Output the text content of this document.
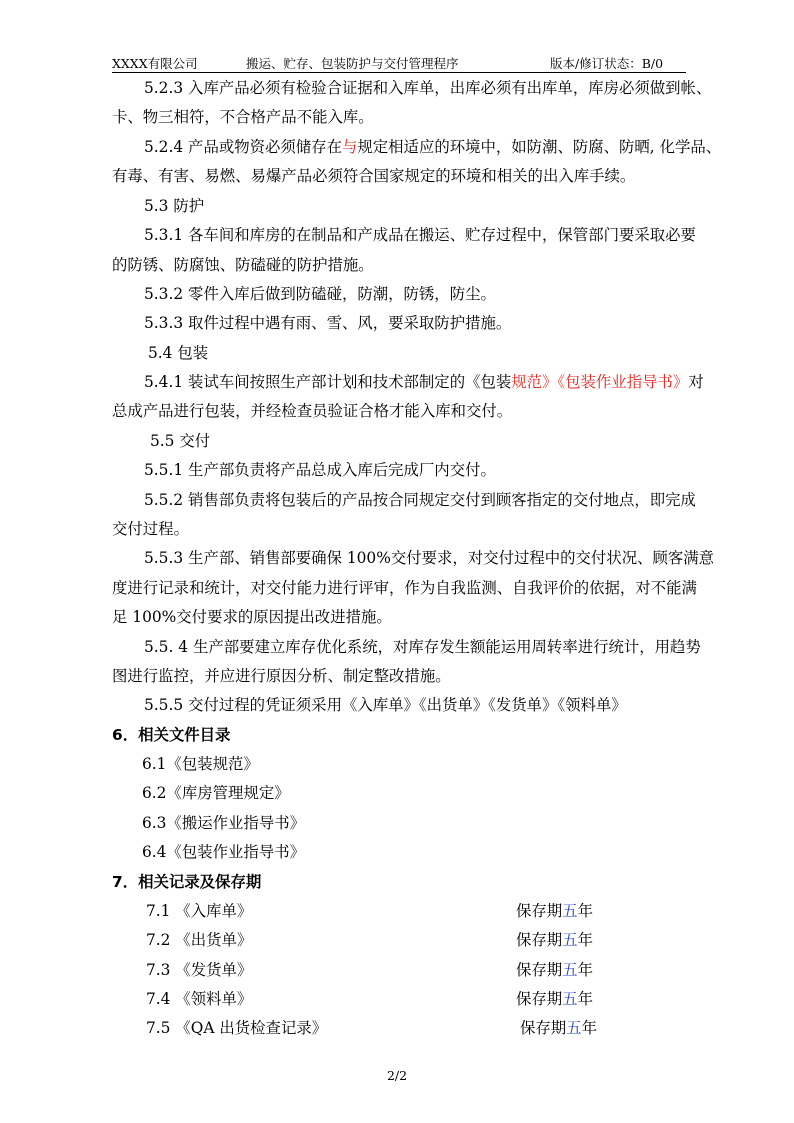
XXXX有限公司	搬运、贮存、包装防护与交付管理程序	版本/修订状态：B/0
5.2.3 入库产品必须有检验合证据和入库单，出库必须有出库单，库房必须做到帐、
卡、物三相符，不合格产品不能入库。
5.2.4 产品或物资必须储存在与规定相适应的环境中，如防潮、防腐、防晒, 化学品、
有毒、有害、易燃、易爆产品必须符合国家规定的环境和相关的出入库手续。
5.3 防护
5.3.1 各车间和库房的在制品和产成品在搬运、贮存过程中，保管部门要采取必要
的防锈、防腐蚀、防磕碰的防护措施。
5.3.2 零件入库后做到防磕碰，防潮，防锈，防尘。
5.3.3 取件过程中遇有雨、雪、风，要采取防护措施。
5.4 包装
5.4.1 装试车间按照生产部计划和技术部制定的《包装规范》《包装作业指导书》对
总成产品进行包装，并经检查员验证合格才能入库和交付。
5.5 交付
5.5.1 生产部负责将产品总成入库后完成厂内交付。
5.5.2 销售部负责将包装后的产品按合同规定交付到顾客指定的交付地点，即完成
交付过程。
5.5.3 生产部、销售部要确保 100%交付要求，对交付过程中的交付状况、顾客满意
度进行记录和统计，对交付能力进行评审，作为自我监测、自我评价的依据，对不能满
足 100%交付要求的原因提出改进措施。
5.5. 4 生产部要建立库存优化系统，对库存发生额能运用周转率进行统计，用趋势
图进行监控，并应进行原因分析、制定整改措施。
5.5.5 交付过程的凭证须采用《入库单》《出货单》《发货单》《领料单》
6．相关文件目录
6.1《包装规范》
6.2《库房管理规定》
6.3《搬运作业指导书》
6.4《包装作业指导书》
7．相关记录及保存期
7.1 《入库单》	保存期五年
7.2 《出货单》	保存期五年
7.3 《发货单》	保存期五年
7.4 《领料单》	保存期五年
7.5 《QA 出货检查记录》	保存期五年
2/2
